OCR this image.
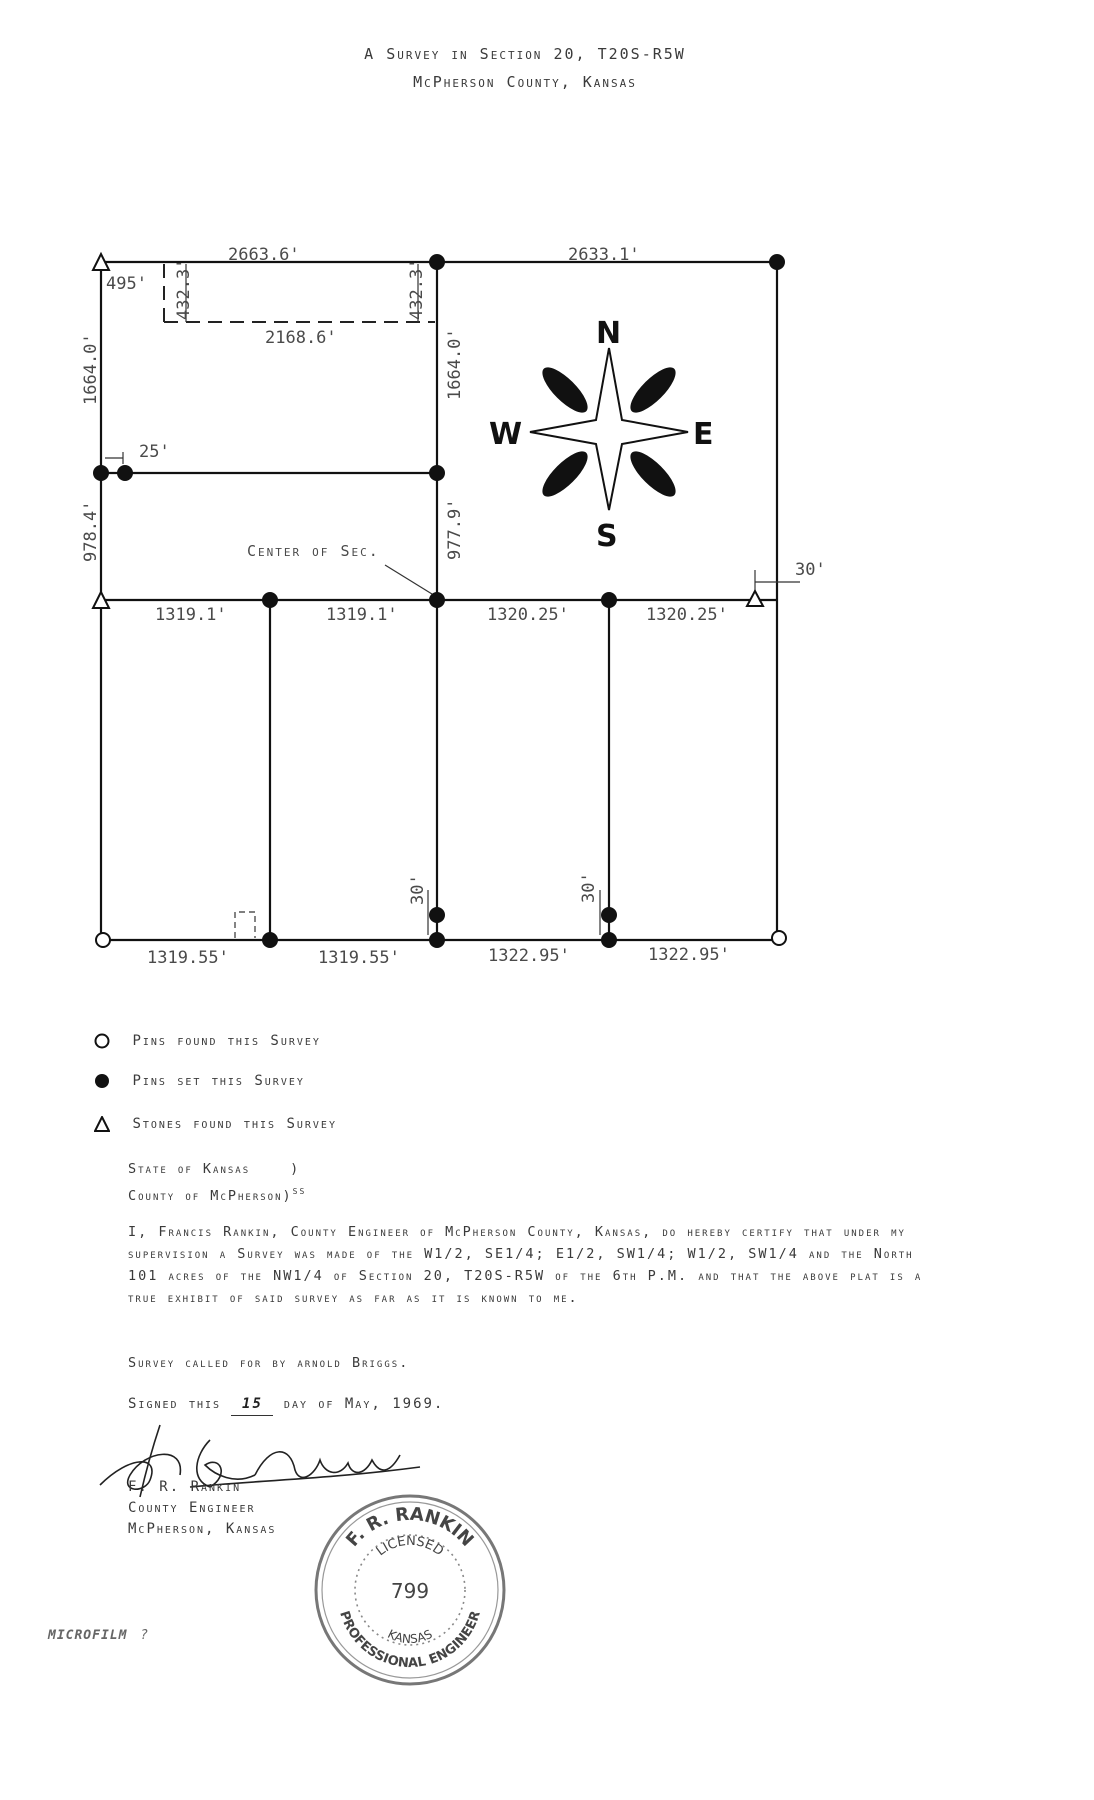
A Survey in Section 20, T20S-R5W
McPherson County, Kansas
N
S
E
W
2663.6'	2633.1'
495' 432.3'	432.3'
2168.6'
1664.0'	1664.0'
25'
978.4'	977.9'
Center of Sec.
30'
1319.1'	1319.1'	1320.25'	1320.25'
30'	30'
1319.55'	1319.55'	1322.95'	1322.95'
Pins found this Survey
Pins set this Survey
Stones found this Survey
State of Kansas	)
County of McPherson)$^{ss}$
I, Francis Rankin, County Engineer of McPherson County, Kansas, do hereby certify that under my supervision a Survey was made of the W1/2, SE1/4; E1/2, SW1/4; W1/2, SW1/4 and the North 101 acres of the NW1/4 of Section 20, T20S-R5W of the 6th P.M. and that the above plat is a true exhibit of said survey as far as it is known to me.
Survey called for by arnold Briggs.
Signed this 15 day of May, 1969.
F. R. Rankin
County Engineer
McPherson, Kansas
F. R. RANKIN
LICENSED
799
KANSAS
PROFESSIONAL ENGINEER
MICROFILM ?
